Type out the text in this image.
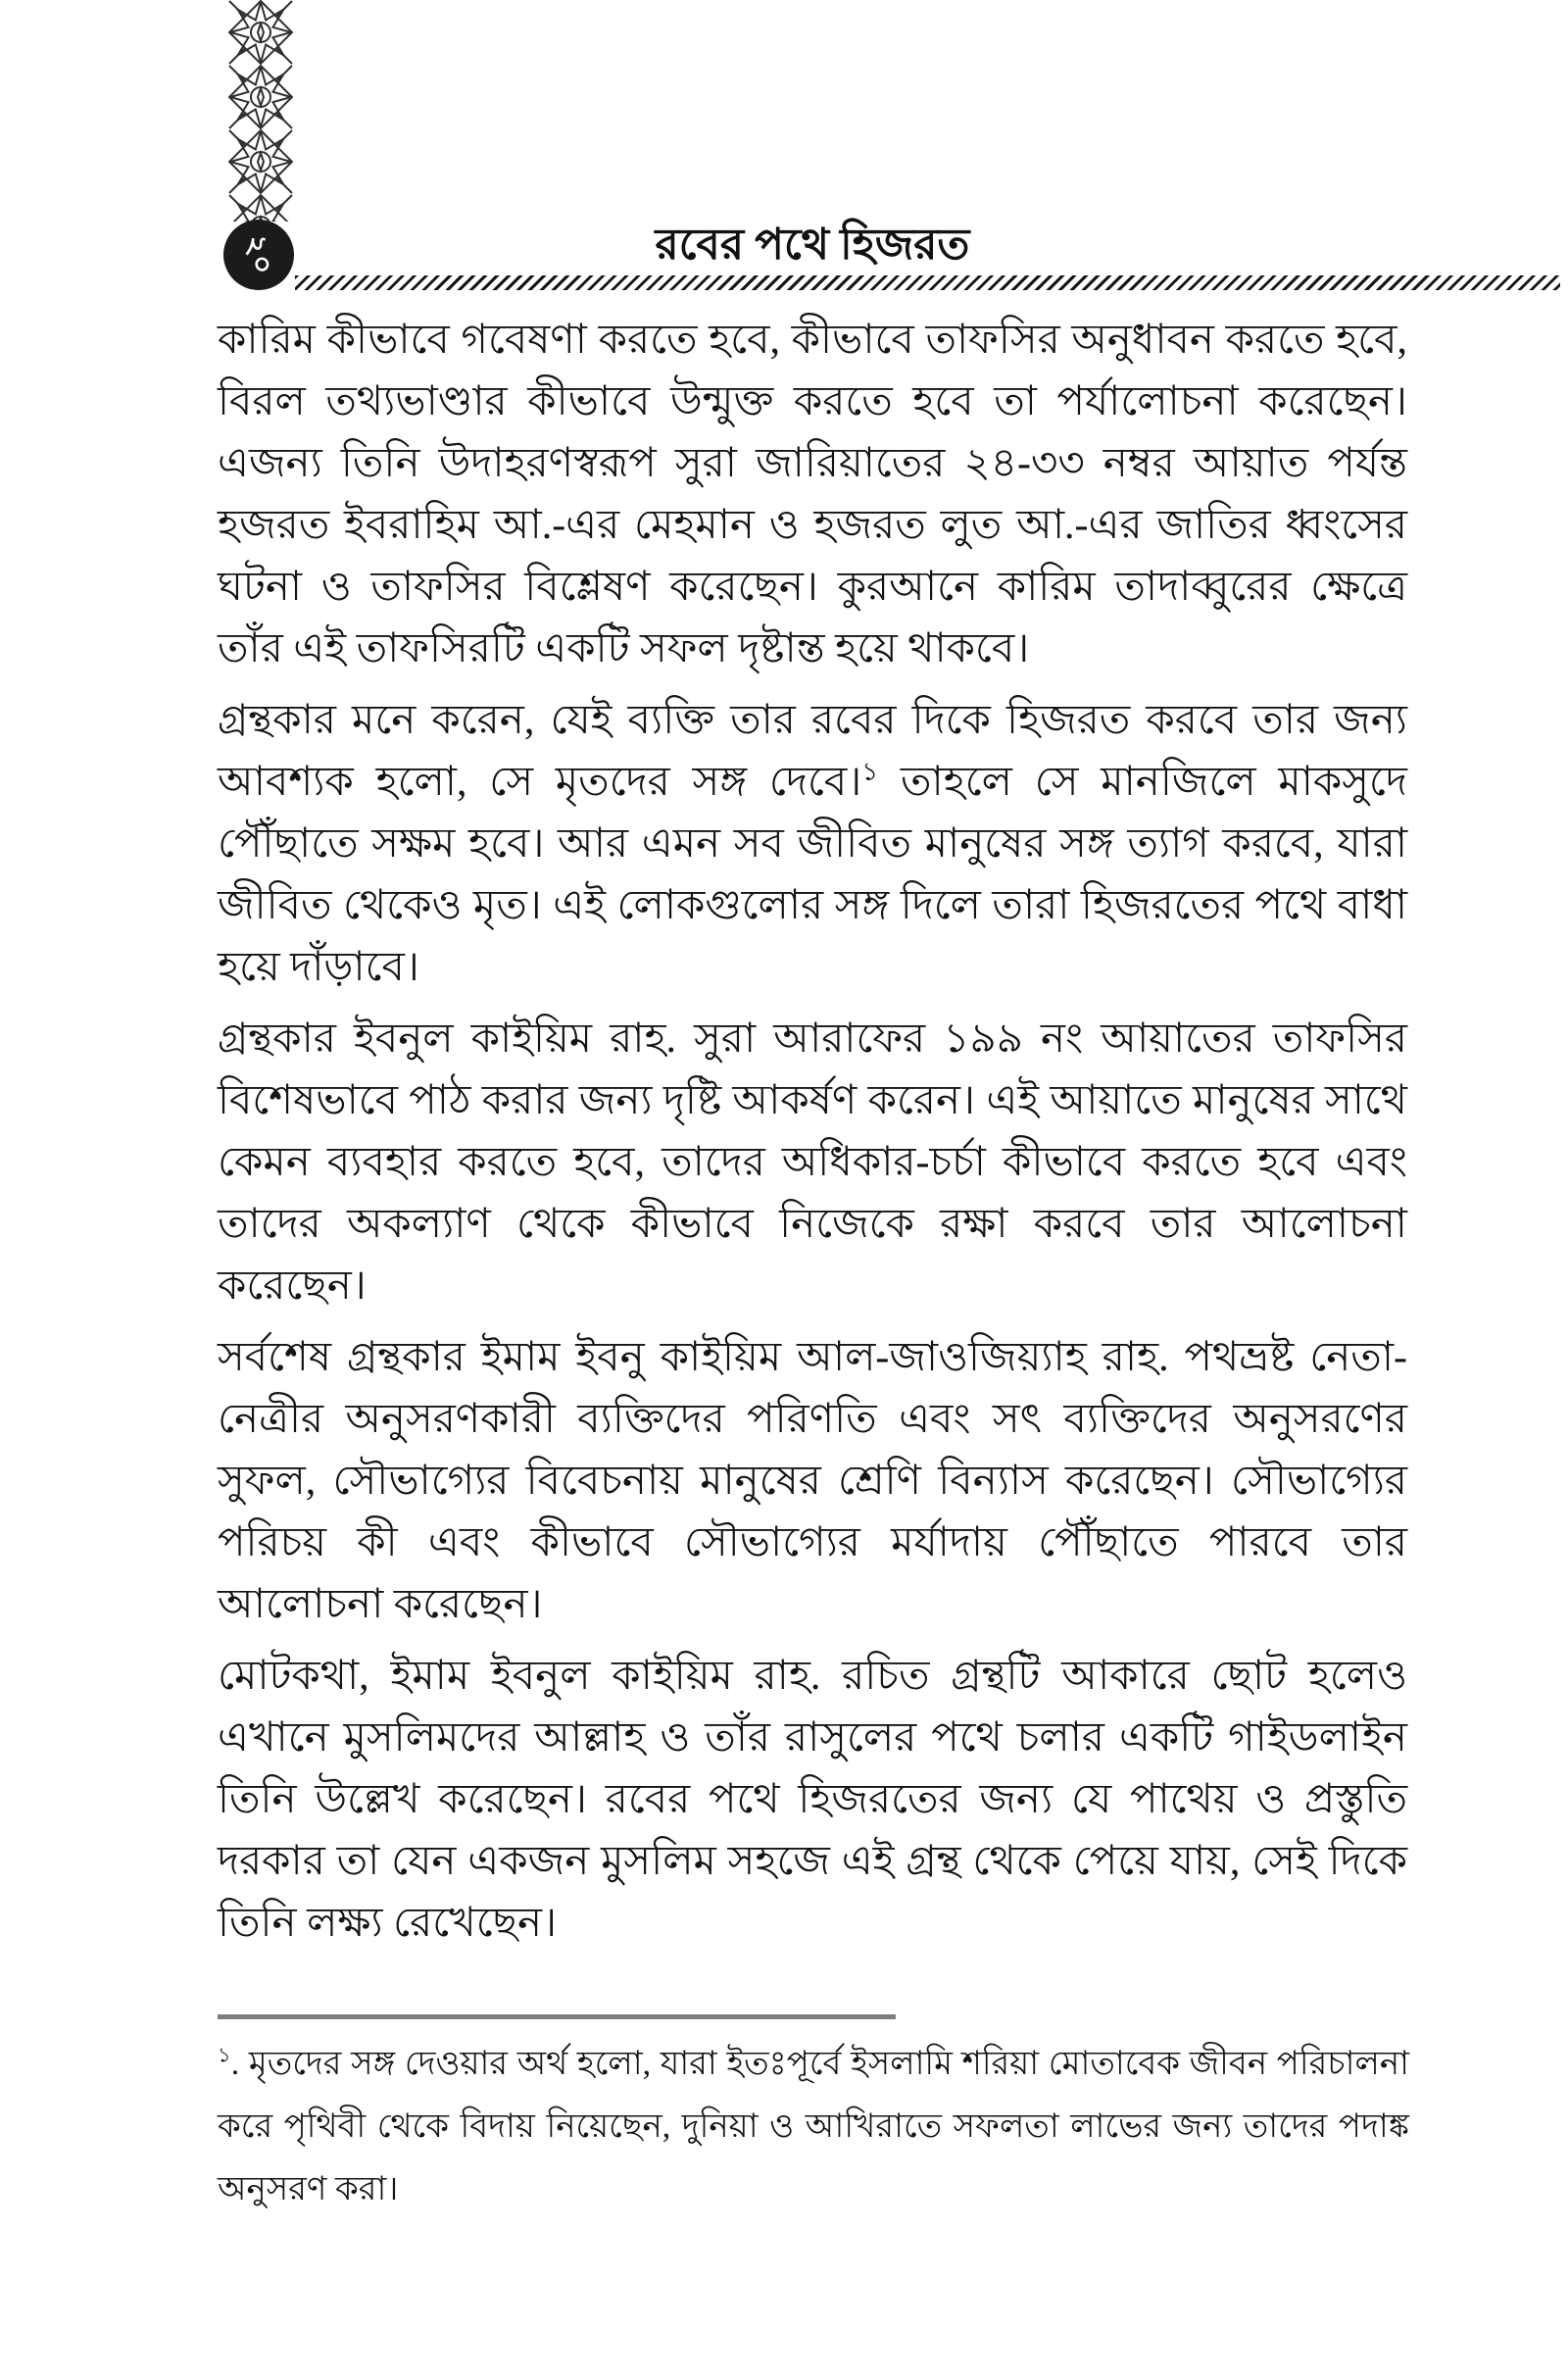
২০	রবের পথে হিজরত

কারিম কীভাবে গবেষণা করতে হবে, কীভাবে তাফসির অনুধাবন করতে হবে, বিরল তথ্যভাণ্ডার কীভাবে উন্মুক্ত করতে হবে তা পর্যালোচনা করেছেন। এজন্য তিনি উদাহরণস্বরূপ সুরা জারিয়াতের ২৪-৩৩ নম্বর আয়াত পর্যন্ত হজরত ইবরাহিম আ.-এর মেহমান ও হজরত লুত আ.-এর জাতির ধ্বংসের ঘটনা ও তাফসির বিশ্লেষণ করেছেন। কুরআনে কারিম তাদাব্বুরের ক্ষেত্রে তাঁর এই তাফসিরটি একটি সফল দৃষ্টান্ত হয়ে থাকবে।

গ্রন্থকার মনে করেন, যেই ব্যক্তি তার রবের দিকে হিজরত করবে তার জন্য আবশ্যক হলো, সে মৃতদের সঙ্গ দেবে।$^১$ তাহলে সে মানজিলে মাকসুদে পৌঁছাতে সক্ষম হবে। আর এমন সব জীবিত মানুষের সঙ্গ ত্যাগ করবে, যারা জীবিত থেকেও মৃত। এই লোকগুলোর সঙ্গ দিলে তারা হিজরতের পথে বাধা হয়ে দাঁড়াবে।

গ্রন্থকার ইবনুল কাইয়িম রাহ. সুরা আরাফের ১৯৯ নং আয়াতের তাফসির বিশেষভাবে পাঠ করার জন্য দৃষ্টি আকর্ষণ করেন। এই আয়াতে মানুষের সাথে কেমন ব্যবহার করতে হবে, তাদের অধিকার-চর্চা কীভাবে করতে হবে এবং তাদের অকল্যাণ থেকে কীভাবে নিজেকে রক্ষা করবে তার আলোচনা করেছেন।

সর্বশেষ গ্রন্থকার ইমাম ইবনু কাইয়িম আল-জাওজিয়্যাহ রাহ. পথভ্রষ্ট নেতা-নেত্রীর অনুসরণকারী ব্যক্তিদের পরিণতি এবং সৎ ব্যক্তিদের অনুসরণের সুফল, সৌভাগ্যের বিবেচনায় মানুষের শ্রেণি বিন্যাস করেছেন। সৌভাগ্যের পরিচয় কী এবং কীভাবে সৌভাগ্যের মর্যাদায় পৌঁছাতে পারবে তার আলোচনা করেছেন।

মোটকথা, ইমাম ইবনুল কাইয়িম রাহ. রচিত গ্রন্থটি আকারে ছোট হলেও এখানে মুসলিমদের আল্লাহ ও তাঁর রাসুলের পথে চলার একটি গাইডলাইন তিনি উল্লেখ করেছেন। রবের পথে হিজরতের জন্য যে পাথেয় ও প্রস্তুতি দরকার তা যেন একজন মুসলিম সহজে এই গ্রন্থ থেকে পেয়ে যায়, সেই দিকে তিনি লক্ষ্য রেখেছেন।

$^১$. মৃতদের সঙ্গ দেওয়ার অর্থ হলো, যারা ইতঃপূর্বে ইসলামি শরিয়া মোতাবেক জীবন পরিচালনা করে পৃথিবী থেকে বিদায় নিয়েছেন, দুনিয়া ও আখিরাতে সফলতা লাভের জন্য তাদের পদাঙ্ক অনুসরণ করা।
